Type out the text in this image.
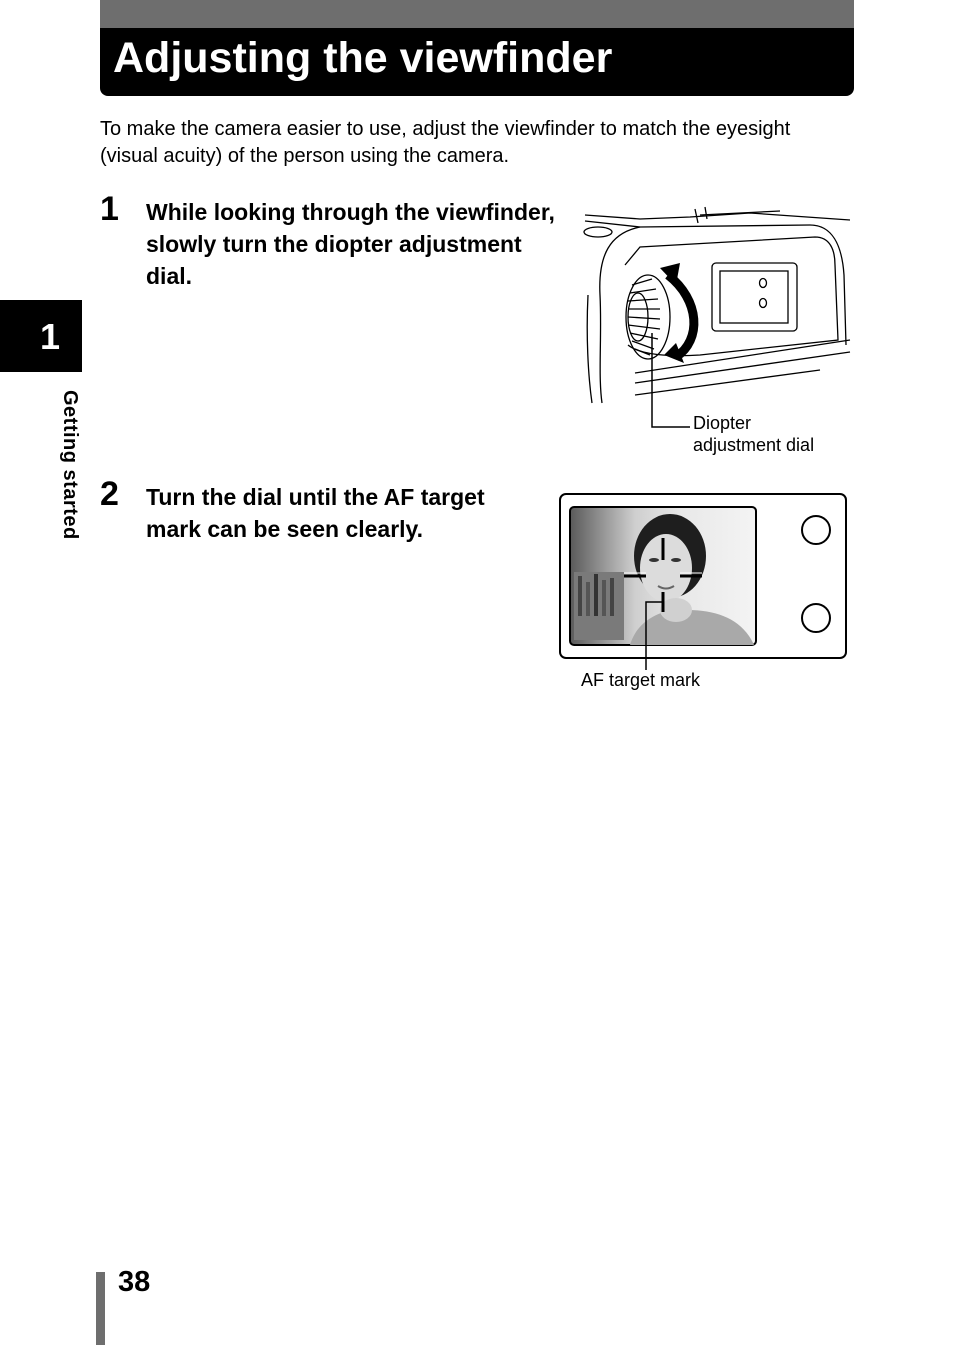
Adjusting the viewfinder
To make the camera easier to use, adjust the viewfinder to match the eyesight (visual acuity) of the person using the camera.
1 While looking through the viewfinder, slowly turn the diopter adjustment dial.
2 Turn the dial until the AF target mark can be seen clearly.
Diopter
adjustment dial
AF target mark
1
Getting started
38
